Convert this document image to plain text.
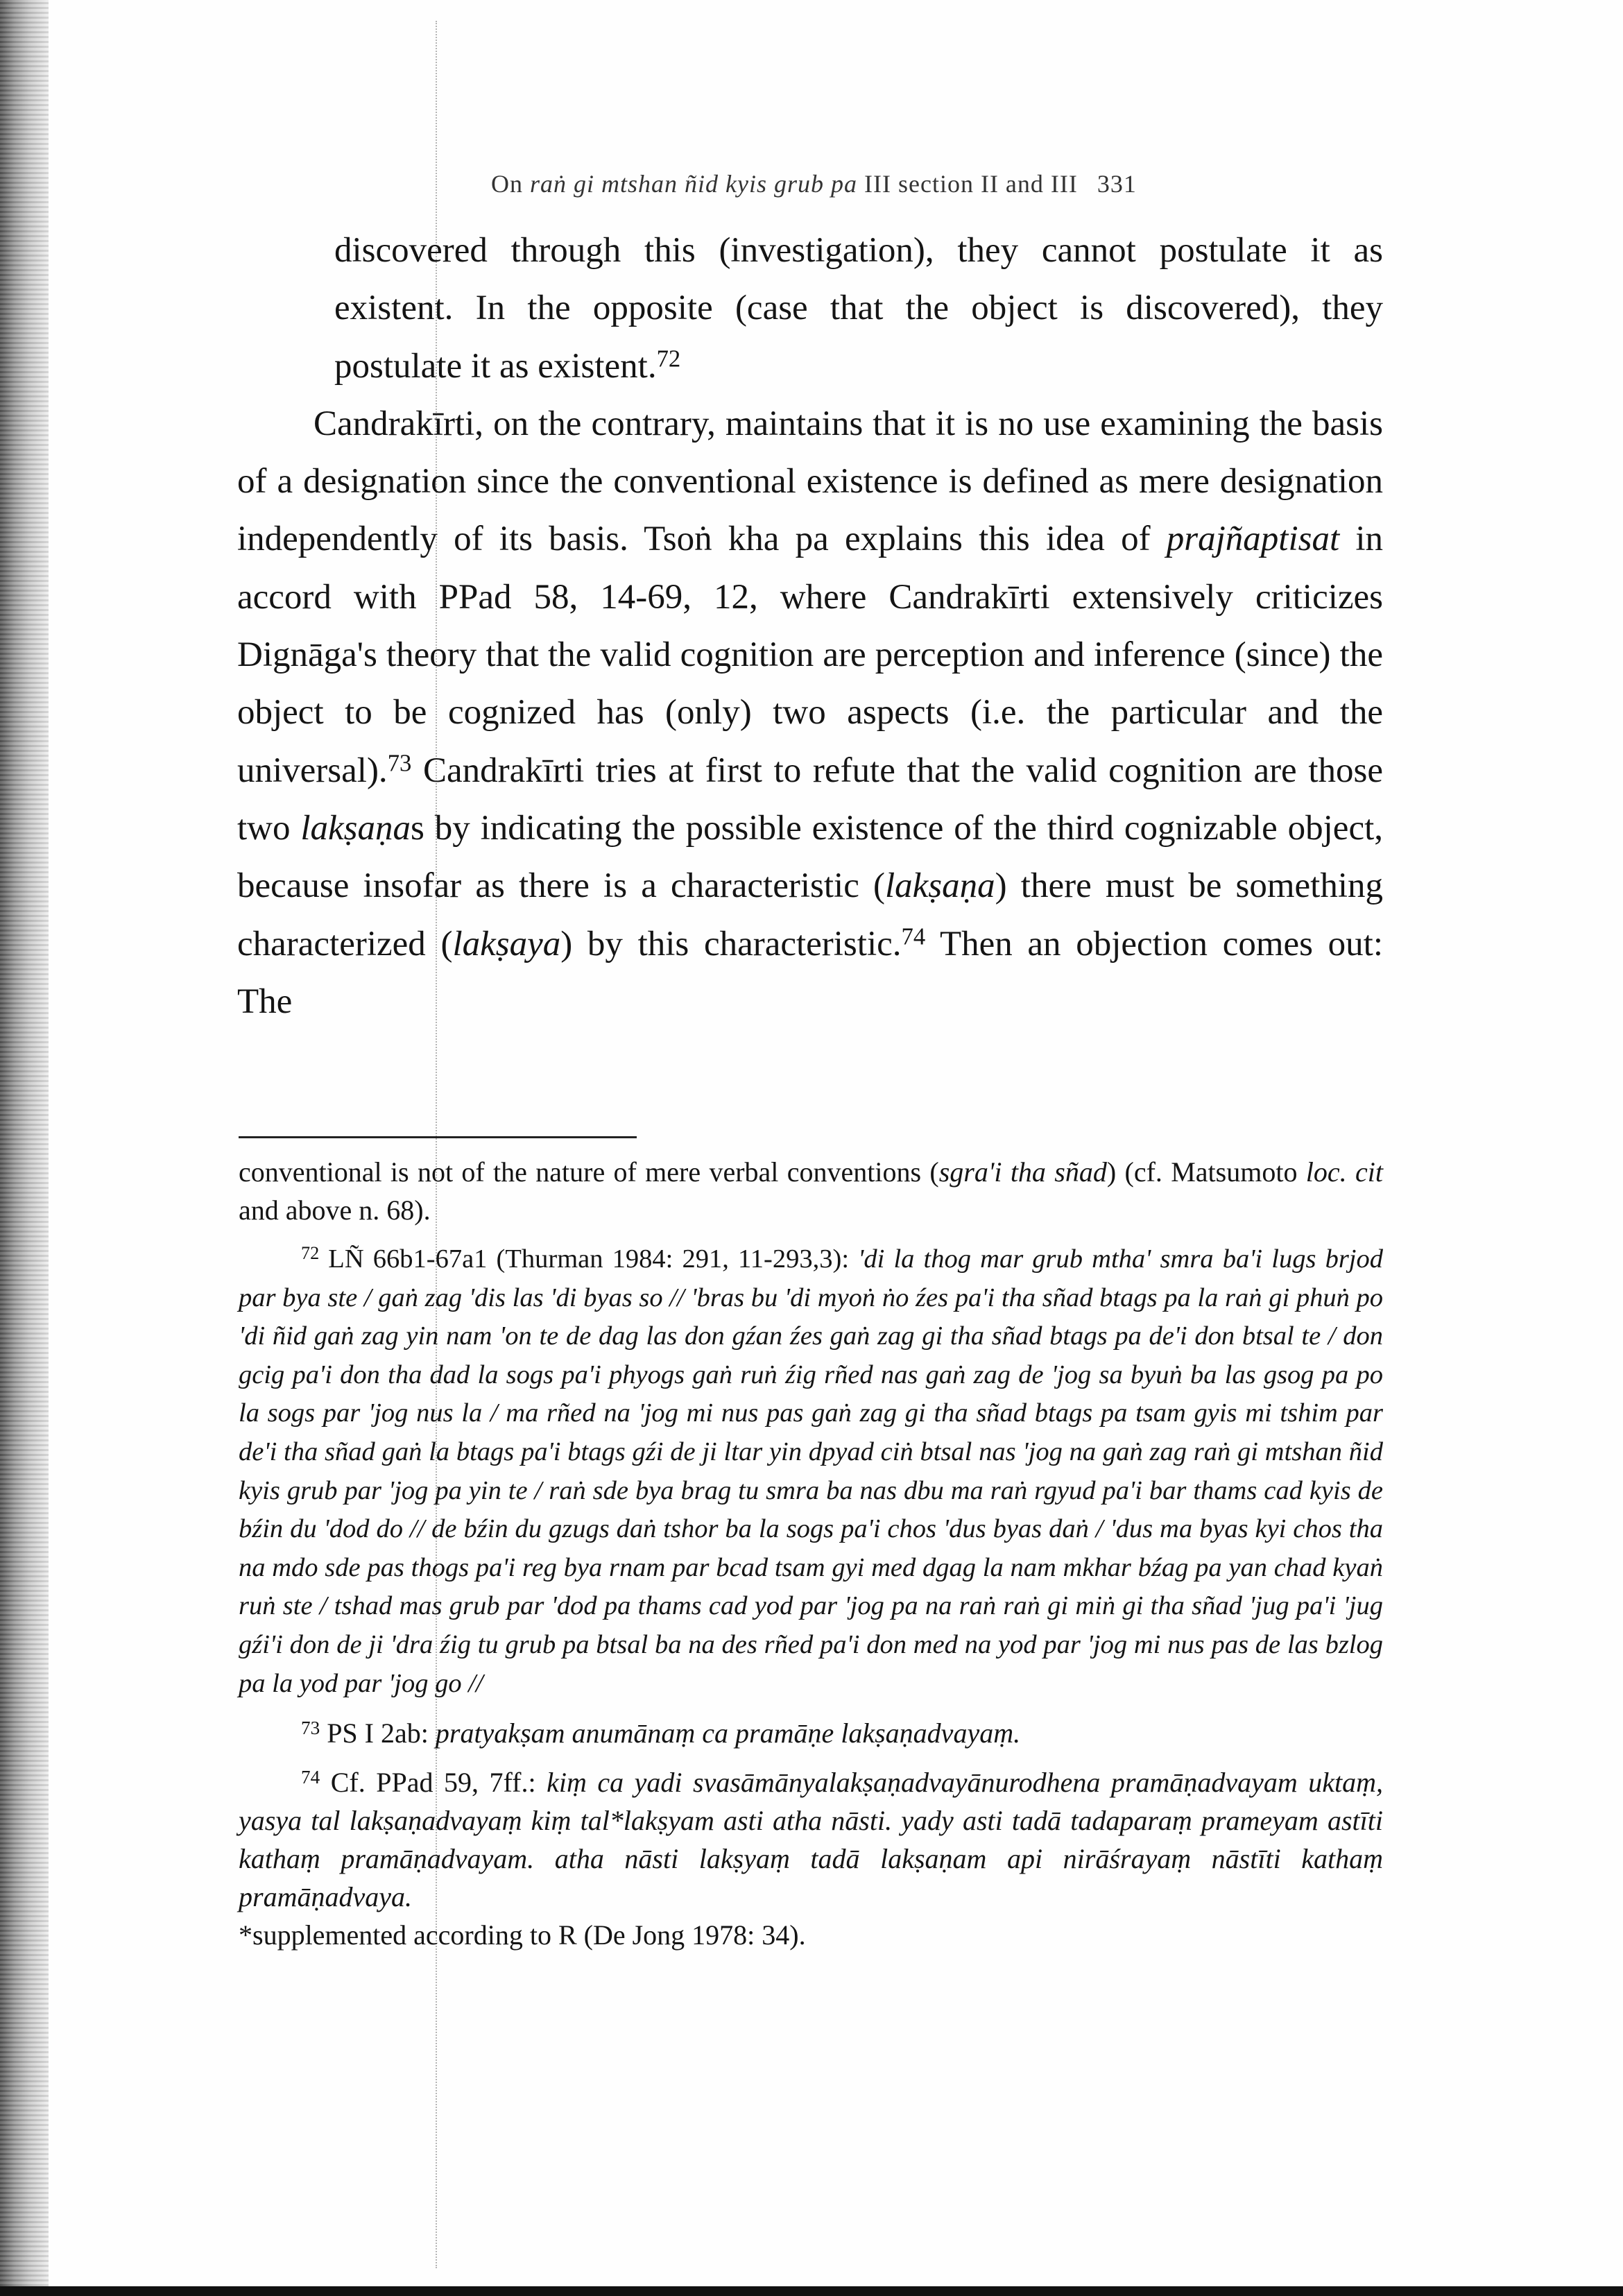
On raṅ gi mtshan ñid kyis grub pa III section II and III 331

discovered through this (investigation), they cannot postulate it as existent. In the opposite (case that the object is discovered), they postulate it as existent.$^{72}$

Candrakīrti, on the contrary, maintains that it is no use examining the basis of a designation since the conventional existence is defined as mere designation independently of its basis. Tsoṅ kha pa explains this idea of prajñaptisat in accord with PPad 58, 14-69, 12, where Candrakīrti extensively criticizes Dignāga's theory that the valid cognition are perception and inference (since) the object to be cognized has (only) two aspects (i.e. the particular and the universal).$^{73}$ Candrakīrti tries at first to refute that the valid cognition are those two lakṣaṇas by indicating the possible existence of the third cognizable object, because insofar as there is a characteristic (lakṣaṇa) there must be something characterized (lakṣaya) by this characteristic.$^{74}$ Then an objection comes out: The

conventional is not of the nature of mere verbal conventions (sgra'i tha sñad) (cf. Matsumoto loc. cit and above n. 68).

$^{72}$ LÑ 66b1-67a1 (Thurman 1984: 291, 11-293,3): 'di la thog mar grub mtha' smra ba'i lugs brjod par bya ste / gaṅ zag 'dis las 'di byas so // 'bras bu 'di myoṅ ṅo źes pa'i tha sñad btags pa la raṅ gi phuṅ po 'di ñid gaṅ zag yin nam 'on te de dag las don gźan źes gaṅ zag gi tha sñad btags pa de'i don btsal te / don gcig pa'i don tha dad la sogs pa'i phyogs gaṅ ruṅ źig rñed nas gaṅ zag de 'jog sa byuṅ ba las gsog pa po la sogs par 'jog nus la / ma rñed na 'jog mi nus pas gaṅ zag gi tha sñad btags pa tsam gyis mi tshim par de'i tha sñad gaṅ la btags pa'i btags gźi de ji ltar yin dpyad ciṅ btsal nas 'jog na gaṅ zag raṅ gi mtshan ñid kyis grub par 'jog pa yin te / raṅ sde bya brag tu smra ba nas dbu ma raṅ rgyud pa'i bar thams cad kyis de bźin du 'dod do // de bźin du gzugs daṅ tshor ba la sogs pa'i chos 'dus byas daṅ / 'dus ma byas kyi chos tha na mdo sde pas thogs pa'i reg bya rnam par bcad tsam gyi med dgag la nam mkhar bźag pa yan chad kyaṅ ruṅ ste / tshad mas grub par 'dod pa thams cad yod par 'jog pa na raṅ raṅ gi miṅ gi tha sñad 'jug pa'i 'jug gźi'i don de ji 'dra źig tu grub pa btsal ba na des rñed pa'i don med na yod par 'jog mi nus pas de las bzlog pa la yod par 'jog go //

$^{73}$ PS I 2ab: pratyakṣam anumānaṃ ca pramāṇe lakṣaṇadvayaṃ.

$^{74}$ Cf. PPad 59, 7ff.: kiṃ ca yadi svasāmānyalakṣaṇadvayānurodhena pramāṇadvayam uktaṃ, yasya tal lakṣaṇadvayaṃ kiṃ tal*lakṣyam asti atha nāsti. yady asti tadā tadaparaṃ prameyam astīti kathaṃ pramāṇadvayam. atha nāsti lakṣyaṃ tadā lakṣaṇam api nirāśrayaṃ nāstīti kathaṃ pramāṇadvaya.
*supplemented according to R (De Jong 1978: 34).
